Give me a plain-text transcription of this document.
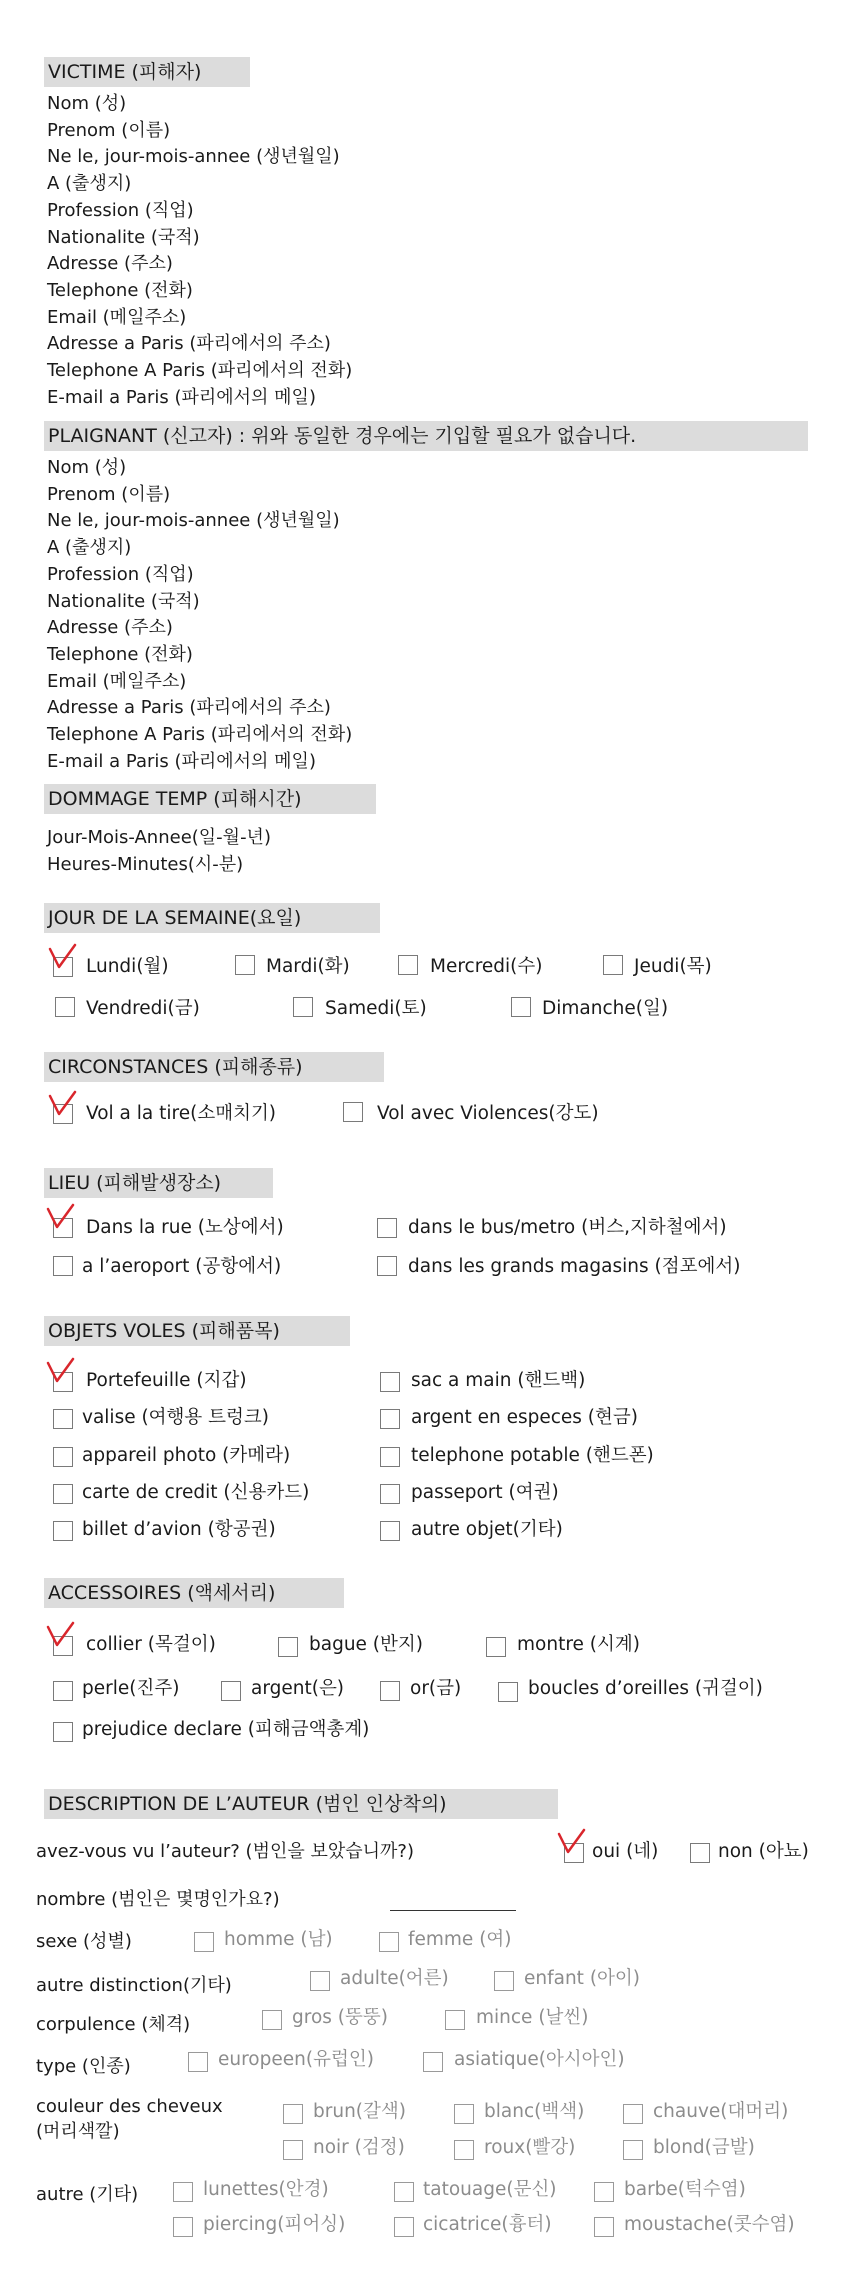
VICTIME (피해자)
Nom (성)
Prenom (이름)
Ne le, jour-mois-annee (생년월일)
A (출생지)
Profession (직업)
Nationalite (국적)
Adresse (주소)
Telephone (전화)
Email (메일주소)
Adresse a Paris (파리에서의 주소)
Telephone A Paris (파리에서의 전화)
E-mail a Paris (파리에서의 메일)
PLAIGNANT (신고자) : 위와 동일한 경우에는 기입할 필요가 없습니다.
Nom (성)
Prenom (이름)
Ne le, jour-mois-annee (생년월일)
A (출생지)
Profession (직업)
Nationalite (국적)
Adresse (주소)
Telephone (전화)
Email (메일주소)
Adresse a Paris (파리에서의 주소)
Telephone A Paris (파리에서의 전화)
E-mail a Paris (파리에서의 메일)
DOMMAGE TEMP (피해시간)
Jour-Mois-Annee(일-월-년)
Heures-Minutes(시-분)
JOUR DE LA SEMAINE(요일)
Lundi(월)	Mardi(화)	Mercredi(수)	Jeudi(목)
Vendredi(금)	Samedi(토)	Dimanche(일)
CIRCONSTANCES (피해종류)
Vol a la tire(소매치기)	Vol avec Violences(강도)
LIEU (피해발생장소)
Dans la rue (노상에서)	dans le bus/metro (버스,지하철에서)
a l’aeroport (공항에서)	dans les grands magasins (점포에서)
OBJETS VOLES (피해품목)
Portefeuille (지갑)	sac a main (핸드백)
valise (여행용 트렁크)	argent en especes (현금)
appareil photo (카메라)	telephone potable (핸드폰)
carte de credit (신용카드)	passeport (여권)
billet d’avion (항공권)	autre objet(기타)
ACCESSOIRES (액세서리)
collier (목걸이)	bague (반지)	montre (시계)
perle(진주)	argent(은)	or(금)	boucles d’oreilles (귀걸이)
prejudice declare (피해금액총계)
DESCRIPTION DE L’AUTEUR (범인 인상착의)
avez-vous vu l’auteur? (범인을 보았습니까?)	oui (네)	non (아뇨)
nombre (범인은 몇명인가요?)
sexe (성별)	homme (남)	femme (여)
autre distinction(기타)	adulte(어른)	enfant (아이)
corpulence (체격)	gros (뚱뚱)	mince (날씬)
type (인종)	europeen(유럽인)	asiatique(아시아인)
couleur des cheveux
(머리색깔)
brun(갈색)	blanc(백색)	chauve(대머리)
noir (검정)	roux(빨강)	blond(금발)
autre (기타)	lunettes(안경)	tatouage(문신)	barbe(턱수염)
piercing(피어싱)	cicatrice(흉터)	moustache(콧수염)
